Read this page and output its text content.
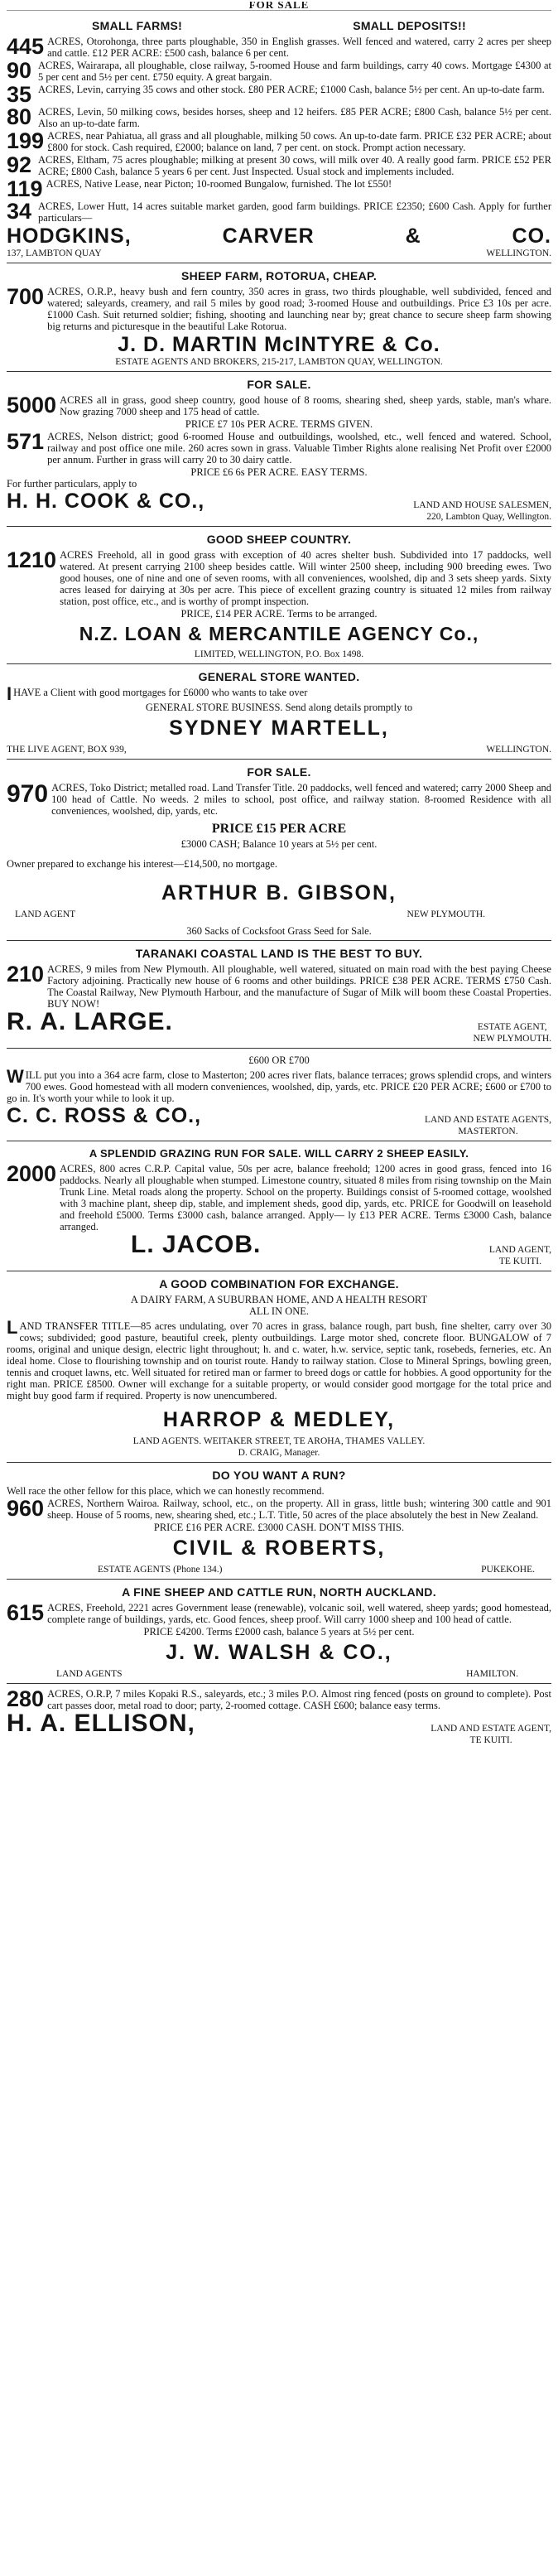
FOR SALE
SMALL FARMS!	SMALL DEPOSITS!!
445 ACRES, Otorohonga, three parts ploughable, 350 in English grasses. Well fenced and watered, carry 2 acres per sheep and cattle. £12 PER ACRE: £500 cash, balance 6 per cent.
90 ACRES, Wairarapa, all ploughable, close railway, 5-roomed House and farm buildings, carry 40 cows. Mortgage £4300 at 5 per cent and 5½ per cent. £750 equity. A great bargain.
35 ACRES, Levin, carrying 35 cows and other stock. £80 PER ACRE; £1000 Cash, balance 5½ per cent. An up-to-date farm.
80 ACRES, Levin, 50 milking cows, besides horses, sheep and 12 heifers. £85 PER ACRE; £800 Cash, balance 5½ per cent. Also an up-to-date farm.
199 ACRES, near Pahiatua, all grass and all ploughable, milking 50 cows. An up-to-date farm. PRICE £32 PER ACRE; about £800 for stock. Cash required, £2000; balance on land, 7 per cent. on stock. Prompt action necessary.
92 ACRES, Eltham, 75 acres ploughable; milking at present 30 cows, will milk over 40. A really good farm. PRICE £52 PER ACRE; £800 Cash, balance 5 years 6 per cent. Just Inspected. Usual stock and implements included.
119 ACRES, Native Lease, near Picton; 10-roomed Bungalow, furnished. The lot £550!
34 ACRES, Lower Hutt, 14 acres suitable market garden, good farm buildings. PRICE £2350; £600 Cash. Apply for further particulars—
HODGKINS,	CARVER	&	CO.
137, LAMBTON QUAY	WELLINGTON.
SHEEP FARM, ROTORUA, CHEAP.
700 ACRES, O.R.P., heavy bush and fern country, 350 acres in grass, two thirds ploughable, well subdivided, fenced and watered; saleyards, creamery, and rail 5 miles by good road; 3-roomed House and outbuildings. Price £3 10s per acre. £1000 Cash. Suit returned soldier; fishing, shooting and launching near by; great chance to secure sheep farm showing big returns and picturesque in the beautiful Lake Rotorua.
J. D. MARTIN McINTYRE & Co.
ESTATE AGENTS AND BROKERS, 215-217, LAMBTON QUAY, WELLINGTON.
FOR SALE.
5000 ACRES all in grass, good sheep country, good house of 8 rooms, shearing shed, sheep yards, stable, man's whare. Now grazing 7000 sheep and 175 head of cattle.
PRICE £7 10s PER ACRE. TERMS GIVEN.
571 ACRES, Nelson district; good 6-roomed House and outbuildings, woolshed, etc., well fenced and watered. School, railway and post office one mile. 260 acres sown in grass. Valuable Timber Rights alone realising Net Profit over £2000 per annum. Further in grass will carry 20 to 30 dairy cattle.
PRICE £6 6s PER ACRE. EASY TERMS.
For further particulars, apply to
H. H. COOK & CO.,	LAND AND HOUSE SALESMEN,
220, Lambton Quay, Wellington.
GOOD SHEEP COUNTRY.
1210 ACRES Freehold, all in good grass with exception of 40 acres shelter bush. Subdivided into 17 paddocks, well watered. At present carrying 2100 sheep besides cattle. Will winter 2500 sheep, including 900 breeding ewes. Two good houses, one of nine and one of seven rooms, with all conveniences, woolshed, dip and 3 sets sheep yards. Sixty acres leased for dairying at 30s per acre. This piece of excellent grazing country is situated 12 miles from railway station, post office, etc., and is worthy of prompt inspection.
PRICE, £14 PER ACRE. Terms to be arranged.
N.Z. LOAN & MERCANTILE AGENCY Co.,
LIMITED, WELLINGTON, P.O. Box 1498.
GENERAL STORE WANTED.
I HAVE a Client with good mortgages for £6000 who wants to take over
GENERAL STORE BUSINESS. Send along details promptly to
SYDNEY MARTELL,
THE LIVE AGENT, BOX 939,	WELLINGTON.
FOR SALE.
970 ACRES, Toko District; metalled road. Land Transfer Title. 20 paddocks, well fenced and watered; carry 2000 Sheep and 100 head of Cattle. No weeds. 2 miles to school, post office, and railway station. 8-roomed Residence with all conveniences, woolshed, dip, yards, etc.
PRICE £15 PER ACRE
£3000 CASH; Balance 10 years at 5½ per cent.
Owner prepared to exchange his interest—£14,500, no mortgage.
ARTHUR B. GIBSON,
LAND AGENT	NEW PLYMOUTH.
360 Sacks of Cocksfoot Grass Seed for Sale.
TARANAKI COASTAL LAND IS THE BEST TO BUY.
210 ACRES, 9 miles from New Plymouth. All ploughable, well watered, situated on main road with the best paying Cheese Factory adjoining. Practically new house of 6 rooms and other buildings. PRICE £38 PER ACRE. TERMS £750 Cash. The Coastal Railway, New Plymouth Harbour, and the manufacture of Sugar of Milk will boom these Coastal Properties. BUY NOW!
R. A. LARGE.	ESTATE AGENT,
NEW PLYMOUTH.
£600 OR £700
W ILL put you into a 364 acre farm, close to Masterton; 200 acres river flats, balance terraces; grows splendid crops, and winters 700 ewes. Good homestead with all modern conveniences, woolshed, dip, yards, etc. PRICE £20 PER ACRE; £600 or £700 to go in. It's worth your while to look it up.
C. C. ROSS & CO.,	LAND AND ESTATE AGENTS,
MASTERTON.
A SPLENDID GRAZING RUN FOR SALE. WILL CARRY 2 SHEEP EASILY.
2000 ACRES, 800 acres C.R.P. Capital value, 50s per acre, balance freehold; 1200 acres in good grass, fenced into 16 paddocks. Nearly all ploughable when stumped. Limestone country, situated 8 miles from rising township on the Main Trunk Line. Metal roads along the property. School on the property. Buildings consist of 5-roomed cottage, woolshed with 3 machine plant, sheep dip, stable, and implement sheds, good dip, yards, etc. PRICE for Goodwill on leasehold and freehold £5000. Terms £3000 cash, balance arranged. Apply— ly £13 PER ACRE. Terms £3000 Cash, balance arranged.
L. JACOB.	LAND AGENT,
TE KUITI.
A GOOD COMBINATION FOR EXCHANGE.
A DAIRY FARM, A SUBURBAN HOME, AND A HEALTH RESORT
ALL IN ONE.
L AND TRANSFER TITLE—85 acres undulating, over 70 acres in grass, balance rough, part bush, fine shelter, carry over 30 cows; subdivided; good pasture, beautiful creek, plenty outbuildings. Large motor shed, concrete floor. BUNGALOW of 7 rooms, original and unique design, electric light throughout; h. and c. water, h.w. service, septic tank, rosebeds, ferneries, etc. An ideal home. Close to flourishing township and on tourist route. Handy to railway station. Close to Mineral Springs, bowling green, tennis and croquet lawns, etc. Well situated for retired man or farmer to breed dogs or cattle for hobbies. A good opportunity for the right man. PRICE £8500. Owner will exchange for a suitable property, or would consider good mortgage for the total price and might buy good farm if required. Property is now unencumbered.
HARROP & MEDLEY,
LAND AGENTS. WEITAKER STREET, TE AROHA, THAMES VALLEY.
D. CRAIG, Manager.
DO YOU WANT A RUN?
Well race the other fellow for this place, which we can honestly recommend.
960 ACRES, Northern Wairoa. Railway, school, etc., on the property. All in grass, little bush; wintering 300 cattle and 901 sheep. House of 5 rooms, new, shearing shed, etc.; L.T. Title, 50 acres of the place absolutely the best in New Zealand.
PRICE £16 PER ACRE. £3000 CASH. DON'T MISS THIS.
CIVIL & ROBERTS,
ESTATE AGENTS (Phone 134.)	PUKEKOHE.
A FINE SHEEP AND CATTLE RUN, NORTH AUCKLAND.
615 ACRES, Freehold, 2221 acres Government lease (renewable), volcanic soil, well watered, sheep yards; good homestead, complete range of buildings, yards, etc. Good fences, sheep proof. Will carry 1000 sheep and 100 head of cattle.
PRICE £4200. Terms £2000 cash, balance 5 years at 5½ per cent.
J. W. WALSH & CO.,
LAND AGENTS	HAMILTON.
280 ACRES, O.R.P, 7 miles Kopaki R.S., saleyards, etc.; 3 miles P.O. Almost ring fenced (posts on ground to complete). Post cart passes door, metal road to door; party, 2-roomed cottage. CASH £600; balance easy terms.
H. A. ELLISON,	LAND AND ESTATE AGENT,
TE KUITI.
